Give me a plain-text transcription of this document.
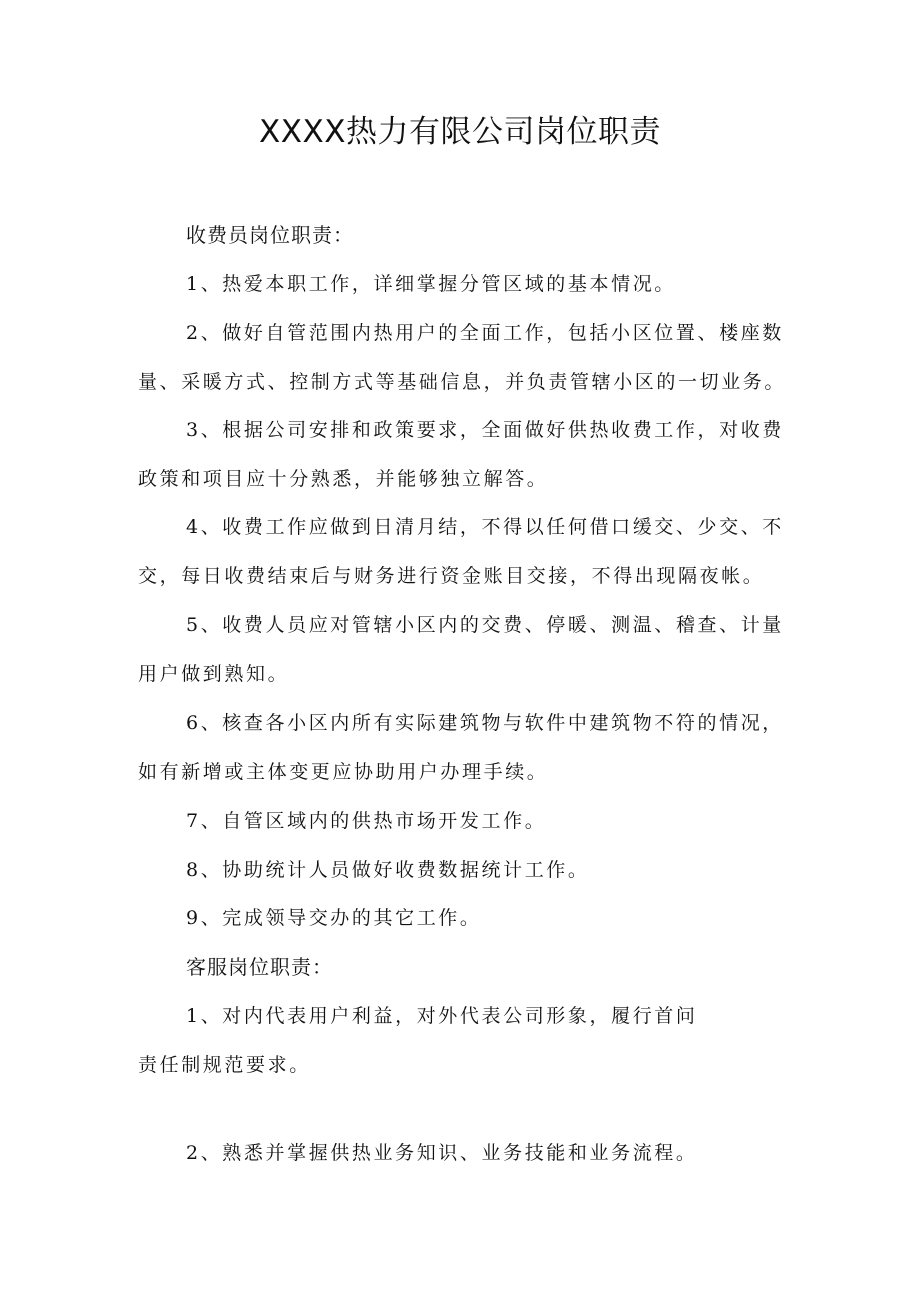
XXXX热力有限公司岗位职责
收费员岗位职责：
1、热爱本职工作，详细掌握分管区域的基本情况。
2、做好自管范围内热用户的全面工作，包括小区位置、楼座数
量、采暖方式、控制方式等基础信息，并负责管辖小区的一切业务。
3、根据公司安排和政策要求，全面做好供热收费工作，对收费
政策和项目应十分熟悉，并能够独立解答。
4、收费工作应做到日清月结，不得以任何借口缓交、少交、不
交，每日收费结束后与财务进行资金账目交接，不得出现隔夜帐。
5、收费人员应对管辖小区内的交费、停暖、测温、稽查、计量
用户做到熟知。
6、核查各小区内所有实际建筑物与软件中建筑物不符的情况，
如有新增或主体变更应协助用户办理手续。
7、自管区域内的供热市场开发工作。
8、协助统计人员做好收费数据统计工作。
9、完成领导交办的其它工作。
客服岗位职责：
1、对内代表用户利益，对外代表公司形象，履行首问
责任制规范要求。
2、熟悉并掌握供热业务知识、业务技能和业务流程。
